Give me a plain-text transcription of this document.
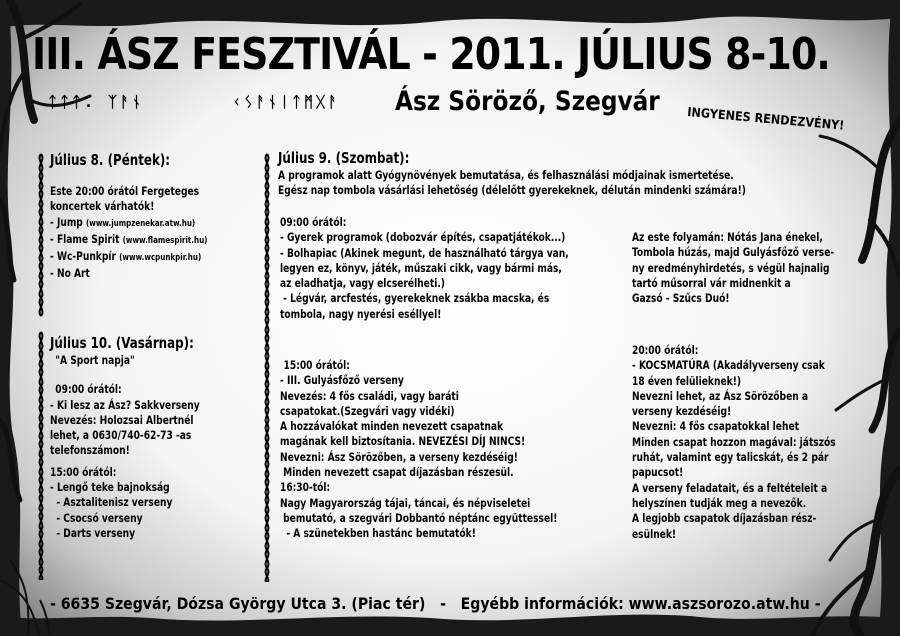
III. ÁSZ FESZTIVÁL - 2011. JÚLIUS 8-10.
ᛏᛏᛏ. ᛉᚨᚾ	ᚲᛊᚨᚾᛁᛏᛗᚷᚨ Ász Söröző, Szegvár
INGYENES RENDEZVÉNY!
Július 8. (Péntek):
Este 20:00 órától Fergeteges
koncertek várhatók!
- Jump (www.jumpzenekar.atw.hu)
- Flame Spirit (www.flamespirit.hu)
- Wc-Punkpír (www.wcpunkpir.hu)
- No Art
Július 10. (Vasárnap):
"A Sport napja"
09:00 órától:
- Ki lesz az Ász? Sakkverseny
Nevezés: Holozsai Albertnél
lehet, a 0630/740-62-73 -as
telefonszámon!
15:00 órától:
- Lengő teke bajnokság
- Asztalitenisz verseny
- Csocsó verseny
- Darts verseny
Július 9. (Szombat):
A programok alatt Gyógynövények bemutatása, és felhasználási módjainak ismertetése.
Egész nap tombola vásárlási lehetőség (délelőtt gyerekeknek, délután mindenki számára!)
09:00 órától:
- Gyerek programok (dobozvár építés, csapatjátékok...)
- Bolhapiac (Akinek megunt, de használható tárgya van,
legyen ez, könyv, játék, műszaki cikk, vagy bármi más,
az eladhatja, vagy elcserélheti.)
- Légvár, arcfestés, gyerekeknek zsákba macska, és
tombola, nagy nyerési eséllyel!
15:00 órától:
- III. Gulyásfőző verseny
Nevezés: 4 fős családi, vagy baráti
csapatokat.(Szegvári vagy vidéki)
A hozzávalókat minden nevezett csapatnak
magának kell biztosítania. NEVEZÉSI DÍJ NINCS!
Nevezni: Ász Sörözőben, a verseny kezdéséig!
Minden nevezett csapat díjazásban részesül.
16:30-tól:
Nagy Magyarország tájai, táncai, és népviseletei
bemutató, a szegvári Dobbantó néptánc együttessel!
- A szünetekben hastánc bemutatók!
Az este folyamán: Nótás Jana énekel,
Tombola húzás, majd Gulyásfőző verse-
ny eredményhirdetés, s végül hajnalig
tartó műsorral vár midnenkit a
Gazsó - Szűcs Duó!
20:00 órától:
- KOCSMATÚRA (Akadályverseny csak
18 éven felülieknek!)
Nevezni lehet, az Ász Sörözőben a
verseny kezdéséig!
Nevezni: 4 fős csapatokkal lehet
Minden csapat hozzon magával: játszós
ruhát, valamint egy talicskát, és 2 pár
papucsot!
A verseny feladatait, és a feltételeit a
helyszínen tudják meg a nevezők.
A legjobb csapatok díjazásban rész-
esülnek!
- 6635 Szegvár, Dózsa György Utca 3. (Piac tér)   -   Egyébb információk: www.aszsorozo.atw.hu -
